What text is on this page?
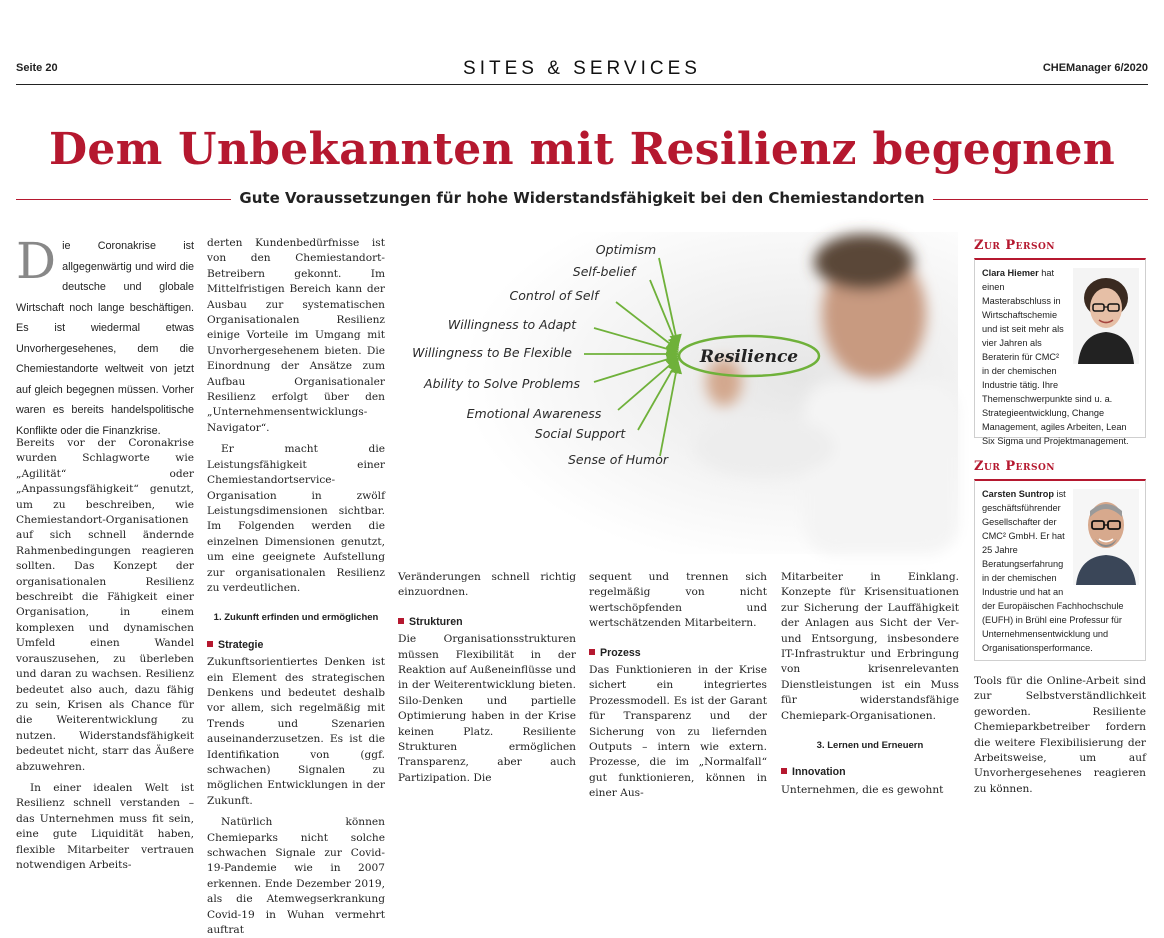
Seite 20	SITES & SERVICES	CHEManager 6/2020
Dem Unbekannten mit Resilienz begegnen
Gute Voraussetzungen für hohe Widerstandsfähigkeit bei den Chemiestandorten
Die Coronakrise ist allgegenwärtig und wird die deutsche und globale Wirtschaft noch lange beschäftigen. Es ist wiedermal etwas Unvorhergesehenes, dem die Chemiestandorte weltweit von jetzt auf gleich begegnen müssen. Vorher waren es bereits handelspolitische Konflikte oder die Finanzkrise.

Bereits vor der Coronakrise wurden Schlagworte wie „Agilität“ oder „Anpassungsfähigkeit“ genutzt, um zu beschreiben, wie Chemiestandort-Organisationen auf sich schnell ändernde Rahmenbedingungen reagieren sollten. Das Konzept der organisationalen Resilienz beschreibt die Fähigkeit einer Organisation, in einem komplexen und dynamischen Umfeld einen Wandel vorauszusehen, zu überleben und daran zu wachsen. Resilienz bedeutet also auch, dazu fähig zu sein, Krisen als Chance für die Weiterentwicklung zu nutzen. Widerstandsfähigkeit bedeutet nicht, starr das Äußere abzuwehren.

In einer idealen Welt ist Resilienz schnell verstanden – das Unternehmen muss fit sein, eine gute Liquidität haben, flexible Mitarbeiter vertrauen notwendigen Arbeits-

derten Kundenbedürfnisse ist von den Chemiestandort-Betreibern gekonnt. Im Mittelfristigen Bereich kann der Ausbau zur systematischen Organisationalen Resilienz einige Vorteile im Umgang mit Unvorhergesehenem bieten. Die Einordnung der Ansätze zum Aufbau Organisationaler Resilienz erfolgt über den „Unternehmensentwicklungs-Navigator“.

Er macht die Leistungsfähigkeit einer Chemiestandortservice-Organisation in zwölf Leistungsdimensionen sichtbar. Im Folgenden werden die einzelnen Dimensionen genutzt, um eine geeignete Aufstellung zur organisationalen Resilienz zu verdeutlichen.

1. Zukunft erfinden und ermöglichen
Strategie

Zukunftsorientiertes Denken ist ein Element des strategischen Denkens und bedeutet deshalb vor allem, sich regelmäßig mit Trends und Szenarien auseinanderzusetzen. Es ist die Identifikation von (ggf. schwachen) Signalen zu möglichen Entwicklungen in der Zukunft.

Natürlich können Chemieparks nicht solche schwachen Signale zur Covid-19-Pandemie wie in 2007 erkennen. Ende Dezember 2019, als die Atemwegserkrankung Covid-19 in Wuhan vermehrt auftrat

Resilience
Optimism
Self-belief
Control of Self
Willingness to Adapt
Willingness to Be Flexible
Ability to Solve Problems
Emotional Awareness
Social Support
Sense of Humor

Veränderungen schnell richtig einzuordnen.

Strukturen

Die Organisationsstrukturen müssen Flexibilität in der Reaktion auf Außeneinflüsse und in der Weiterentwicklung bieten. Silo-Denken und partielle Optimierung haben in der Krise keinen Platz. Resiliente Strukturen ermöglichen Transparenz, aber auch Partizipation. Die

sequent und trennen sich regelmäßig von nicht wertschöpfenden und wertschätzenden Mitarbeitern.

Prozess

Das Funktionieren in der Krise sichert ein integriertes Prozessmodell. Es ist der Garant für Transparenz und der Sicherung von zu liefernden Outputs – intern wie extern. Prozesse, die im „Normalfall“ gut funktionieren, können in einer Aus-

Mitarbeiter in Einklang. Konzepte für Krisensituationen zur Sicherung der Lauffähigkeit der Anlagen aus Sicht der Ver- und Entsorgung, insbesondere IT-Infrastruktur und Erbringung von krisenrelevanten Dienstleistungen ist ein Muss für widerstandsfähige Chemiepark-Organisationen.

3. Lernen und Erneuern
Innovation

Unternehmen, die es gewohnt

Zur Person
Clara Hiemer hat einen Masterabschluss in Wirtschaftschemie und ist seit mehr als vier Jahren als Beraterin für CMC² in der chemischen Industrie tätig. Ihre Themenschwerpunkte sind u. a. Strategieentwicklung, Change Management, agiles Arbeiten, Lean Six Sigma und Projektmanagement.
Zur Person
Carsten Suntrop ist geschäftsführender Gesellschafter der CMC² GmbH. Er hat 25 Jahre Beratungserfahrung in der chemischen Industrie und hat an der Europäischen Fachhochschule (EUFH) in Brühl eine Professur für Unternehmensentwicklung und Organisationsperformance.

Tools für die Online-Arbeit sind zur Selbstverständlichkeit geworden. Resiliente Chemieparkbetreiber fordern die weitere Flexibilisierung der Arbeitsweise, um auf Unvorhergesehenes reagieren zu können.
